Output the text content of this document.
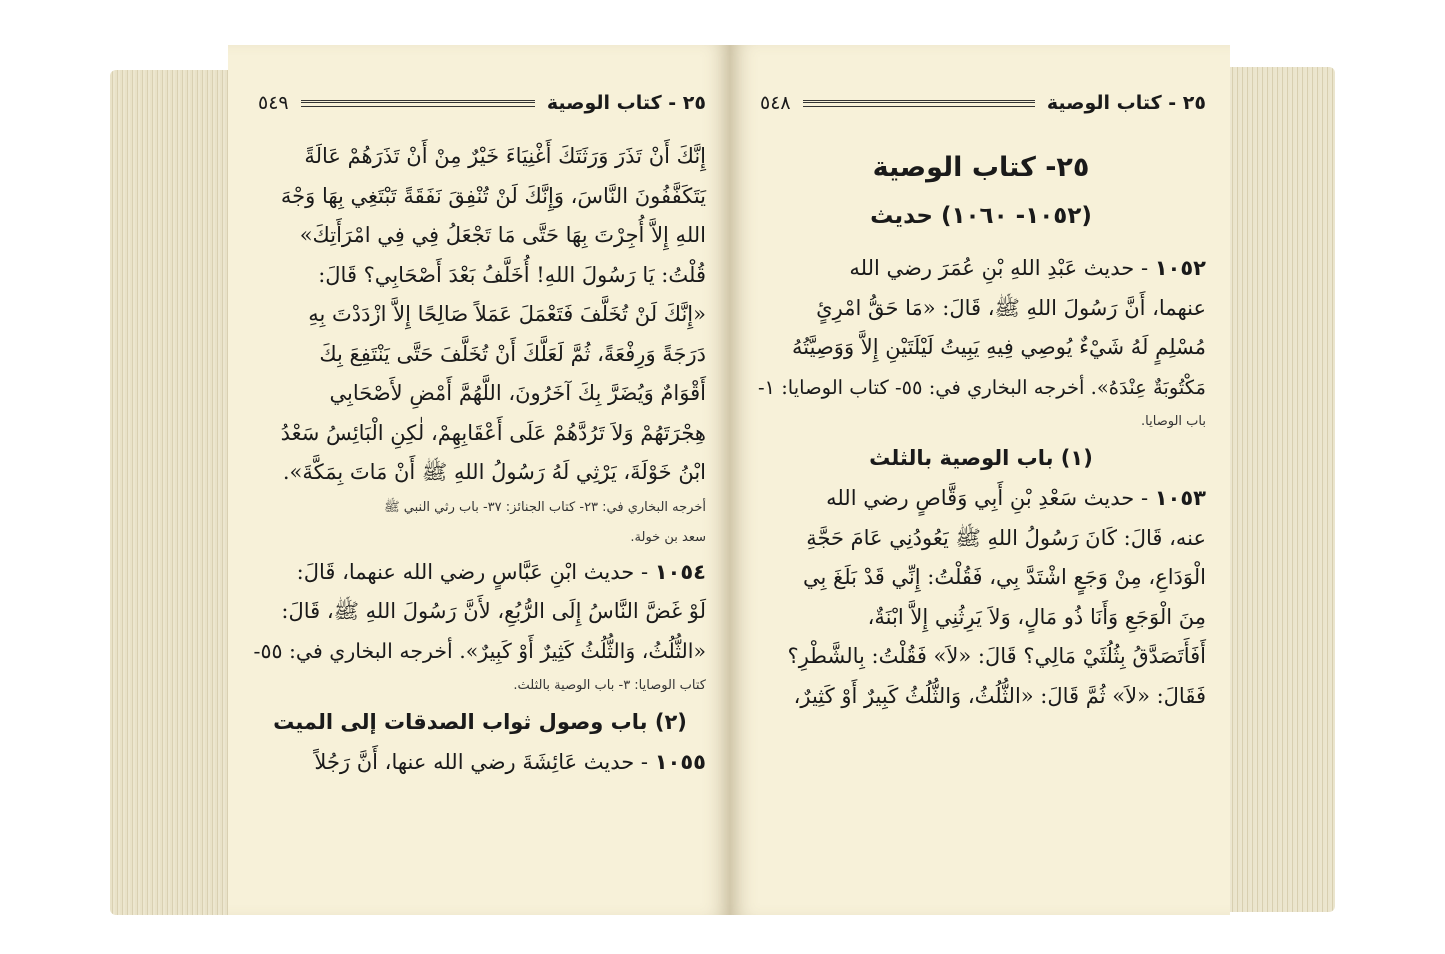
٢٥ - كتاب الوصية
٥٤٩
إِنَّكَ أَنْ تَذَرَ وَرَثَتَكَ أَغْنِيَاءَ خَيْرٌ مِنْ أَنْ تَذَرَهُمْ عَالَةً
يَتَكَفَّفُونَ النَّاسَ، وَإِنَّكَ لَنْ تُنْفِقَ نَفَقَةً تَبْتَغِي بِهَا وَجْهَ
اللهِ إِلاَّ أُجِرْتَ بِهَا حَتَّى مَا تَجْعَلُ فِي فِي امْرَأَتِكَ»
قُلْتُ: يَا رَسُولَ اللهِ! أُخَلَّفُ بَعْدَ أَصْحَابِي؟ قَالَ:
«إِنَّكَ لَنْ تُخَلَّفَ فَتَعْمَلَ عَمَلاً صَالِحًا إِلاَّ ازْدَدْتَ بِهِ
دَرَجَةً وَرِفْعَةً، ثُمَّ لَعَلَّكَ أَنْ تُخَلَّفَ حَتَّى يَنْتَفِعَ بِكَ
أَقْوَامٌ وَيُضَرَّ بِكَ آخَرُونَ، اللَّهُمَّ أَمْضِ لأَصْحَابِي
هِجْرَتَهُمْ وَلاَ تَرُدَّهُمْ عَلَى أَعْقَابِهِمْ، لٰكِنِ الْبَائِسُ سَعْدُ
ابْنُ خَوْلَةَ، يَرْثِي لَهُ رَسُولُ اللهِ ﷺ أَنْ مَاتَ بِمَكَّةَ».
أخرجه البخاري في: ٢٣- كتاب الجنائز: ٣٧- باب رثي النبي ﷺ
سعد بن خولة.
١٠٥٤ - حديث ابْنِ عَبَّاسٍ رضي الله عنهما، قَالَ:
لَوْ غَضَّ النَّاسُ إِلَى الرُّبُعِ، لأَنَّ رَسُولَ اللهِ ﷺ، قَالَ:
«الثُّلُثُ، وَالثُّلُثُ كَثِيرٌ أَوْ كَبِيرٌ». أخرجه البخاري في: ٥٥-
كتاب الوصايا: ٣- باب الوصية بالثلث.
(٢) باب وصول ثواب الصدقات إلى الميت
١٠٥٥ - حديث عَائِشَةَ رضي الله عنها، أَنَّ رَجُلاً
٢٥ - كتاب الوصية
٥٤٨
٢٥- كتاب الوصية
(١٠٥٢- ١٠٦٠) حديث
١٠٥٢ - حديث عَبْدِ اللهِ بْنِ عُمَرَ رضي الله
عنهما، أَنَّ رَسُولَ اللهِ ﷺ، قَالَ: «مَا حَقُّ امْرِئٍ
مُسْلِمٍ لَهُ شَيْءٌ يُوصِي فِيهِ يَبِيتُ لَيْلَتَيْنِ إِلاَّ وَوَصِيَّتُهُ
مَكْتُوبَةٌ عِنْدَهُ». أخرجه البخاري في: ٥٥- كتاب الوصايا: ١-
باب الوصايا.
(١) باب الوصية بالثلث
١٠٥٣ - حديث سَعْدِ بْنِ أَبِي وَقَّاصٍ رضي الله
عنه، قَالَ: كَانَ رَسُولُ اللهِ ﷺ يَعُودُنِي عَامَ حَجَّةِ
الْوَدَاعِ، مِنْ وَجَعٍ اشْتَدَّ بِي، فَقُلْتُ: إِنِّي قَدْ بَلَغَ بِي
مِنَ الْوَجَعِ وَأَنَا ذُو مَالٍ، وَلاَ يَرِثُنِي إِلاَّ ابْنَةٌ،
أَفَأَتَصَدَّقُ بِثُلُثَيْ مَالِي؟ قَالَ: «لاَ» فَقُلْتُ: بِالشَّطْرِ؟
فَقَالَ: «لاَ» ثُمَّ قَالَ: «الثُّلُثُ، وَالثُّلُثُ كَبِيرٌ أَوْ كَثِيرٌ،
